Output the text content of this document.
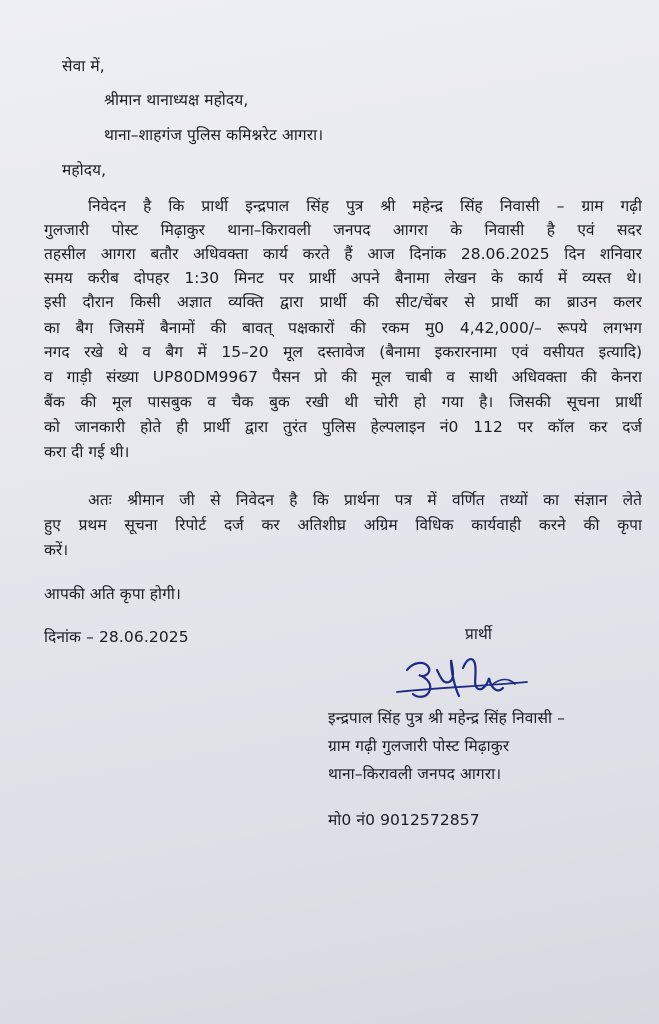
सेवा में,
श्रीमान थानाध्यक्ष महोदय,
थाना–शाहगंज पुलिस कमिश्नरेट आगरा।
महोदय,
निवेदन है कि प्रार्थी इन्द्रपाल सिंह पुत्र श्री महेन्द्र सिंह निवासी – ग्राम गढ़ी
गुलजारी पोस्ट मिढ़ाकुर थाना–किरावली जनपद आगरा के निवासी है एवं सदर
तहसील आगरा बतौर अधिवक्ता कार्य करते हैं आज दिनांक 28.06.2025 दिन शनिवार
समय करीब दोपहर 1:30 मिनट पर प्रार्थी अपने बैनामा लेखन के कार्य में व्यस्त थे।
इसी दौरान किसी अज्ञात व्यक्ति द्वारा प्रार्थी की सीट/चेंबर से प्रार्थी का ब्राउन कलर
का बैग जिसमें बैनामों की बावत् पक्षकारों की रकम मु0 4,42,000/– रूपये लगभग
नगद रखे थे व बैग में 15–20 मूल दस्तावेज (बैनामा इकरारनामा एवं वसीयत इत्यादि)
व गाड़ी संख्या UP80DM9967 पैसन प्रो की मूल चाबी व साथी अधिवक्ता की केनरा
बैंक की मूल पासबुक व चैक बुक रखी थी चोरी हो गया है। जिसकी सूचना प्रार्थी
को जानकारी होते ही प्रार्थी द्वारा तुरंत पुलिस हेल्पलाइन नं0 112 पर कॉल कर दर्ज
करा दी गई थी।
अतः श्रीमान जी से निवेदन है कि प्रार्थना पत्र में वर्णित तथ्यों का संज्ञान लेते
हुए प्रथम सूचना रिपोर्ट दर्ज कर अतिशीघ्र अग्रिम विधिक कार्यवाही करने की कृपा
करें।
आपकी अति कृपा होगी।
दिनांक – 28.06.2025	प्रार्थी
इन्द्रपाल सिंह पुत्र श्री महेन्द्र सिंह निवासी –
ग्राम गढ़ी गुलजारी पोस्ट मिढ़ाकुर
थाना–किरावली जनपद आगरा।
मो0 नं0 9012572857
